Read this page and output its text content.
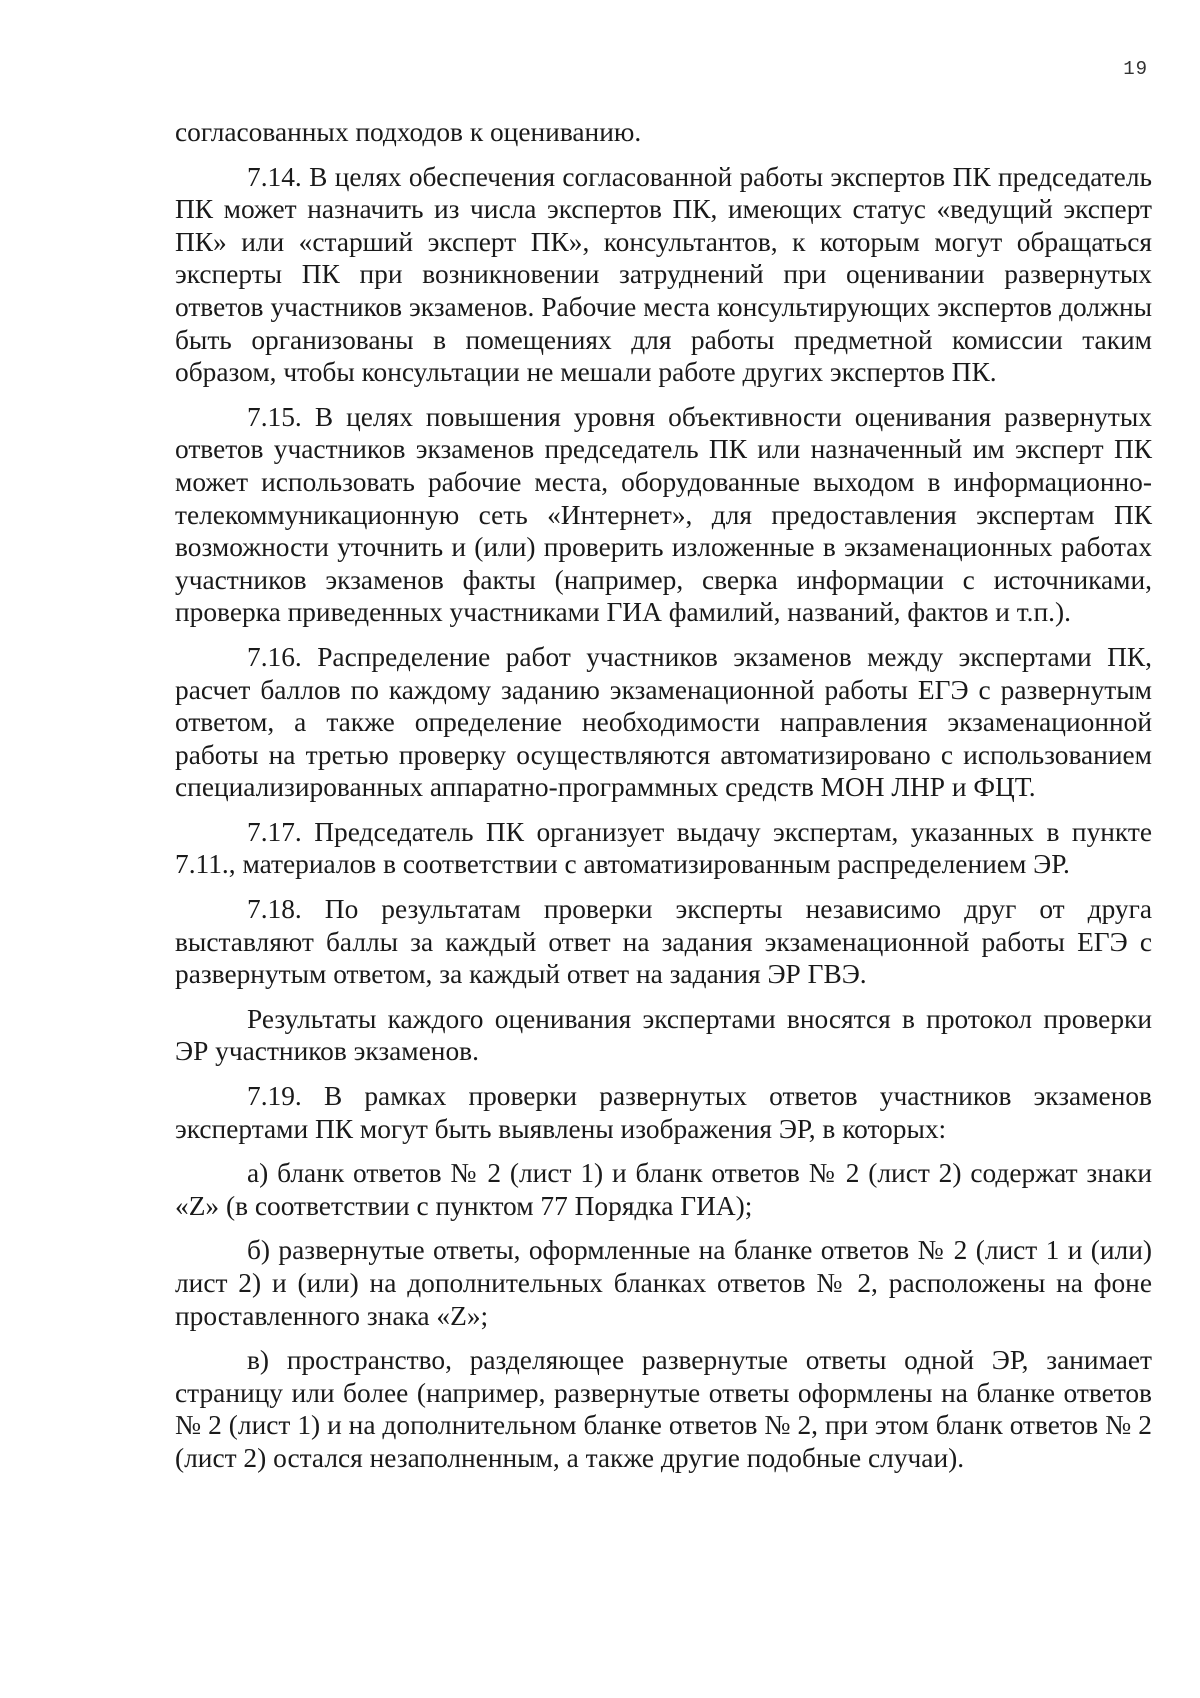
19

согласованных подходов к оцениванию.

7.14. В целях обеспечения согласованной работы экспертов ПК председатель ПК может назначить из числа экспертов ПК, имеющих статус «ведущий эксперт ПК» или «старший эксперт ПК», консультантов, к которым могут обращаться эксперты ПК при возникновении затруднений при оценивании развернутых ответов участников экзаменов. Рабочие места консультирующих экспертов должны быть организованы в помещениях для работы предметной комиссии таким образом, чтобы консультации не мешали работе других экспертов ПК.

7.15. В целях повышения уровня объективности оценивания развернутых ответов участников экзаменов председатель ПК или назначенный им эксперт ПК может использовать рабочие места, оборудованные выходом в информационно-телекоммуникационную сеть «Интернет», для предоставления экспертам ПК возможности уточнить и (или) проверить изложенные в экзаменационных работах участников экзаменов факты (например, сверка информации с источниками, проверка приведенных участниками ГИА фамилий, названий, фактов и т.п.).

7.16. Распределение работ участников экзаменов между экспертами ПК, расчет баллов по каждому заданию экзаменационной работы ЕГЭ с развернутым ответом, а также определение необходимости направления экзаменационной работы на третью проверку осуществляются автоматизировано с использованием специализированных аппаратно-программных средств МОН ЛНР и ФЦТ.

7.17. Председатель ПК организует выдачу экспертам, указанных в пункте 7.11., материалов в соответствии с автоматизированным распределением ЭР.

7.18. По результатам проверки эксперты независимо друг от друга выставляют баллы за каждый ответ на задания экзаменационной работы ЕГЭ с развернутым ответом, за каждый ответ на задания ЭР ГВЭ.

Результаты каждого оценивания экспертами вносятся в протокол проверки ЭР участников экзаменов.

7.19. В рамках проверки развернутых ответов участников экзаменов экспертами ПК могут быть выявлены изображения ЭР, в которых:

а) бланк ответов № 2 (лист 1) и бланк ответов № 2 (лист 2) содержат знаки «Z» (в соответствии с пунктом 77 Порядка ГИА);

б) развернутые ответы, оформленные на бланке ответов № 2 (лист 1 и (или) лист 2) и (или) на дополнительных бланках ответов № 2, расположены на фоне проставленного знака «Z»;

в) пространство, разделяющее развернутые ответы одной ЭР, занимает страницу или более (например, развернутые ответы оформлены на бланке ответов № 2 (лист 1) и на дополнительном бланке ответов № 2, при этом бланк ответов № 2 (лист 2) остался незаполненным, а также другие подобные случаи).
